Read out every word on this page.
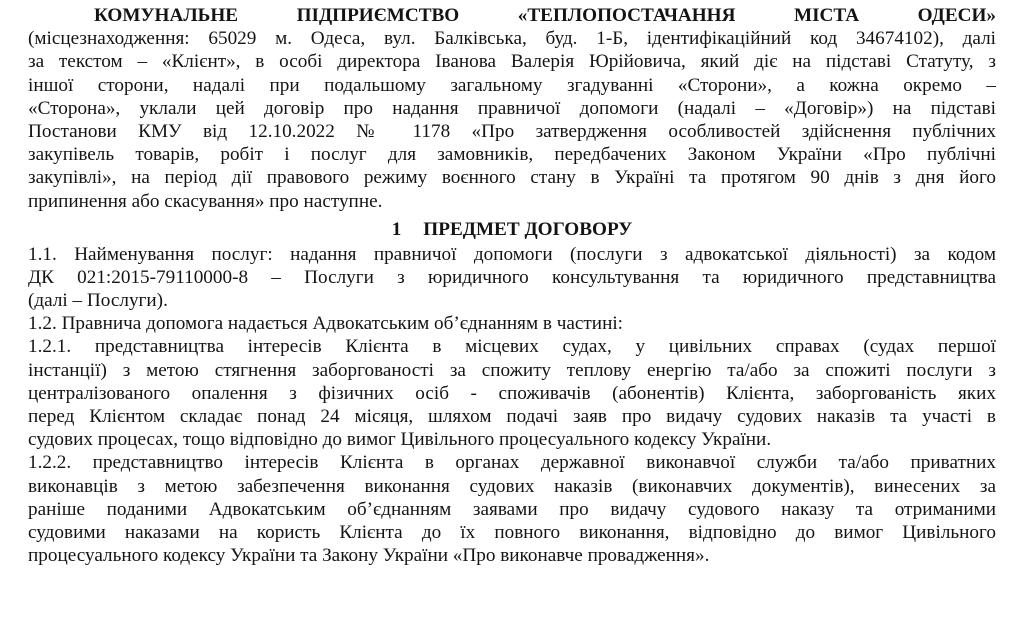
КОМУНАЛЬНЕ ПІДПРИЄМСТВО «ТЕПЛОПОСТАЧАННЯ МІСТА ОДЕСИ»
(місцезнаходження: 65029 м. Одеса, вул. Балківська, буд. 1-Б, ідентифікаційний код 34674102), далі
за текстом – «Клієнт», в особі директора Іванова Валерія Юрійовича, який діє на підставі Статуту, з
іншої сторони, надалі при подальшому загальному згадуванні «Сторони», а кожна окремо –
«Сторона», уклали цей договір про надання правничої допомоги (надалі – «Договір») на підставі
Постанови КМУ від 12.10.2022 № 1178 «Про затвердження особливостей здійснення публічних
закупівель товарів, робіт і послуг для замовників, передбачених Законом України «Про публічні
закупівлі», на період дії правового режиму воєнного стану в Україні та протягом 90 днів з дня його
припинення або скасування» про наступне.
1 ПРЕДМЕТ ДОГОВОРУ
1.1. Найменування послуг: надання правничої допомоги (послуги з адвокатської діяльності) за кодом
ДК 021:2015-79110000-8 – Послуги з юридичного консультування та юридичного представництва
(далі – Послуги).
1.2. Правнича допомога надається Адвокатським об’єднанням в частині:
1.2.1. представництва інтересів Клієнта в місцевих судах, у цивільних справах (судах першої
інстанції) з метою стягнення заборгованості за спожиту теплову енергію та/або за спожиті послуги з
централізованого опалення з фізичних осіб - споживачів (абонентів) Клієнта, заборгованість яких
перед Клієнтом складає понад 24 місяця, шляхом подачі заяв про видачу судових наказів та участі в
судових процесах, тощо відповідно до вимог Цивільного процесуального кодексу України.
1.2.2. представництво інтересів Клієнта в органах державної виконавчої служби та/або приватних
виконавців з метою забезпечення виконання судових наказів (виконавчих документів), винесених за
раніше поданими Адвокатським об’єднанням заявами про видачу судового наказу та отриманими
судовими наказами на користь Клієнта до їх повного виконання, відповідно до вимог Цивільного
процесуального кодексу України та Закону України «Про виконавче провадження».
